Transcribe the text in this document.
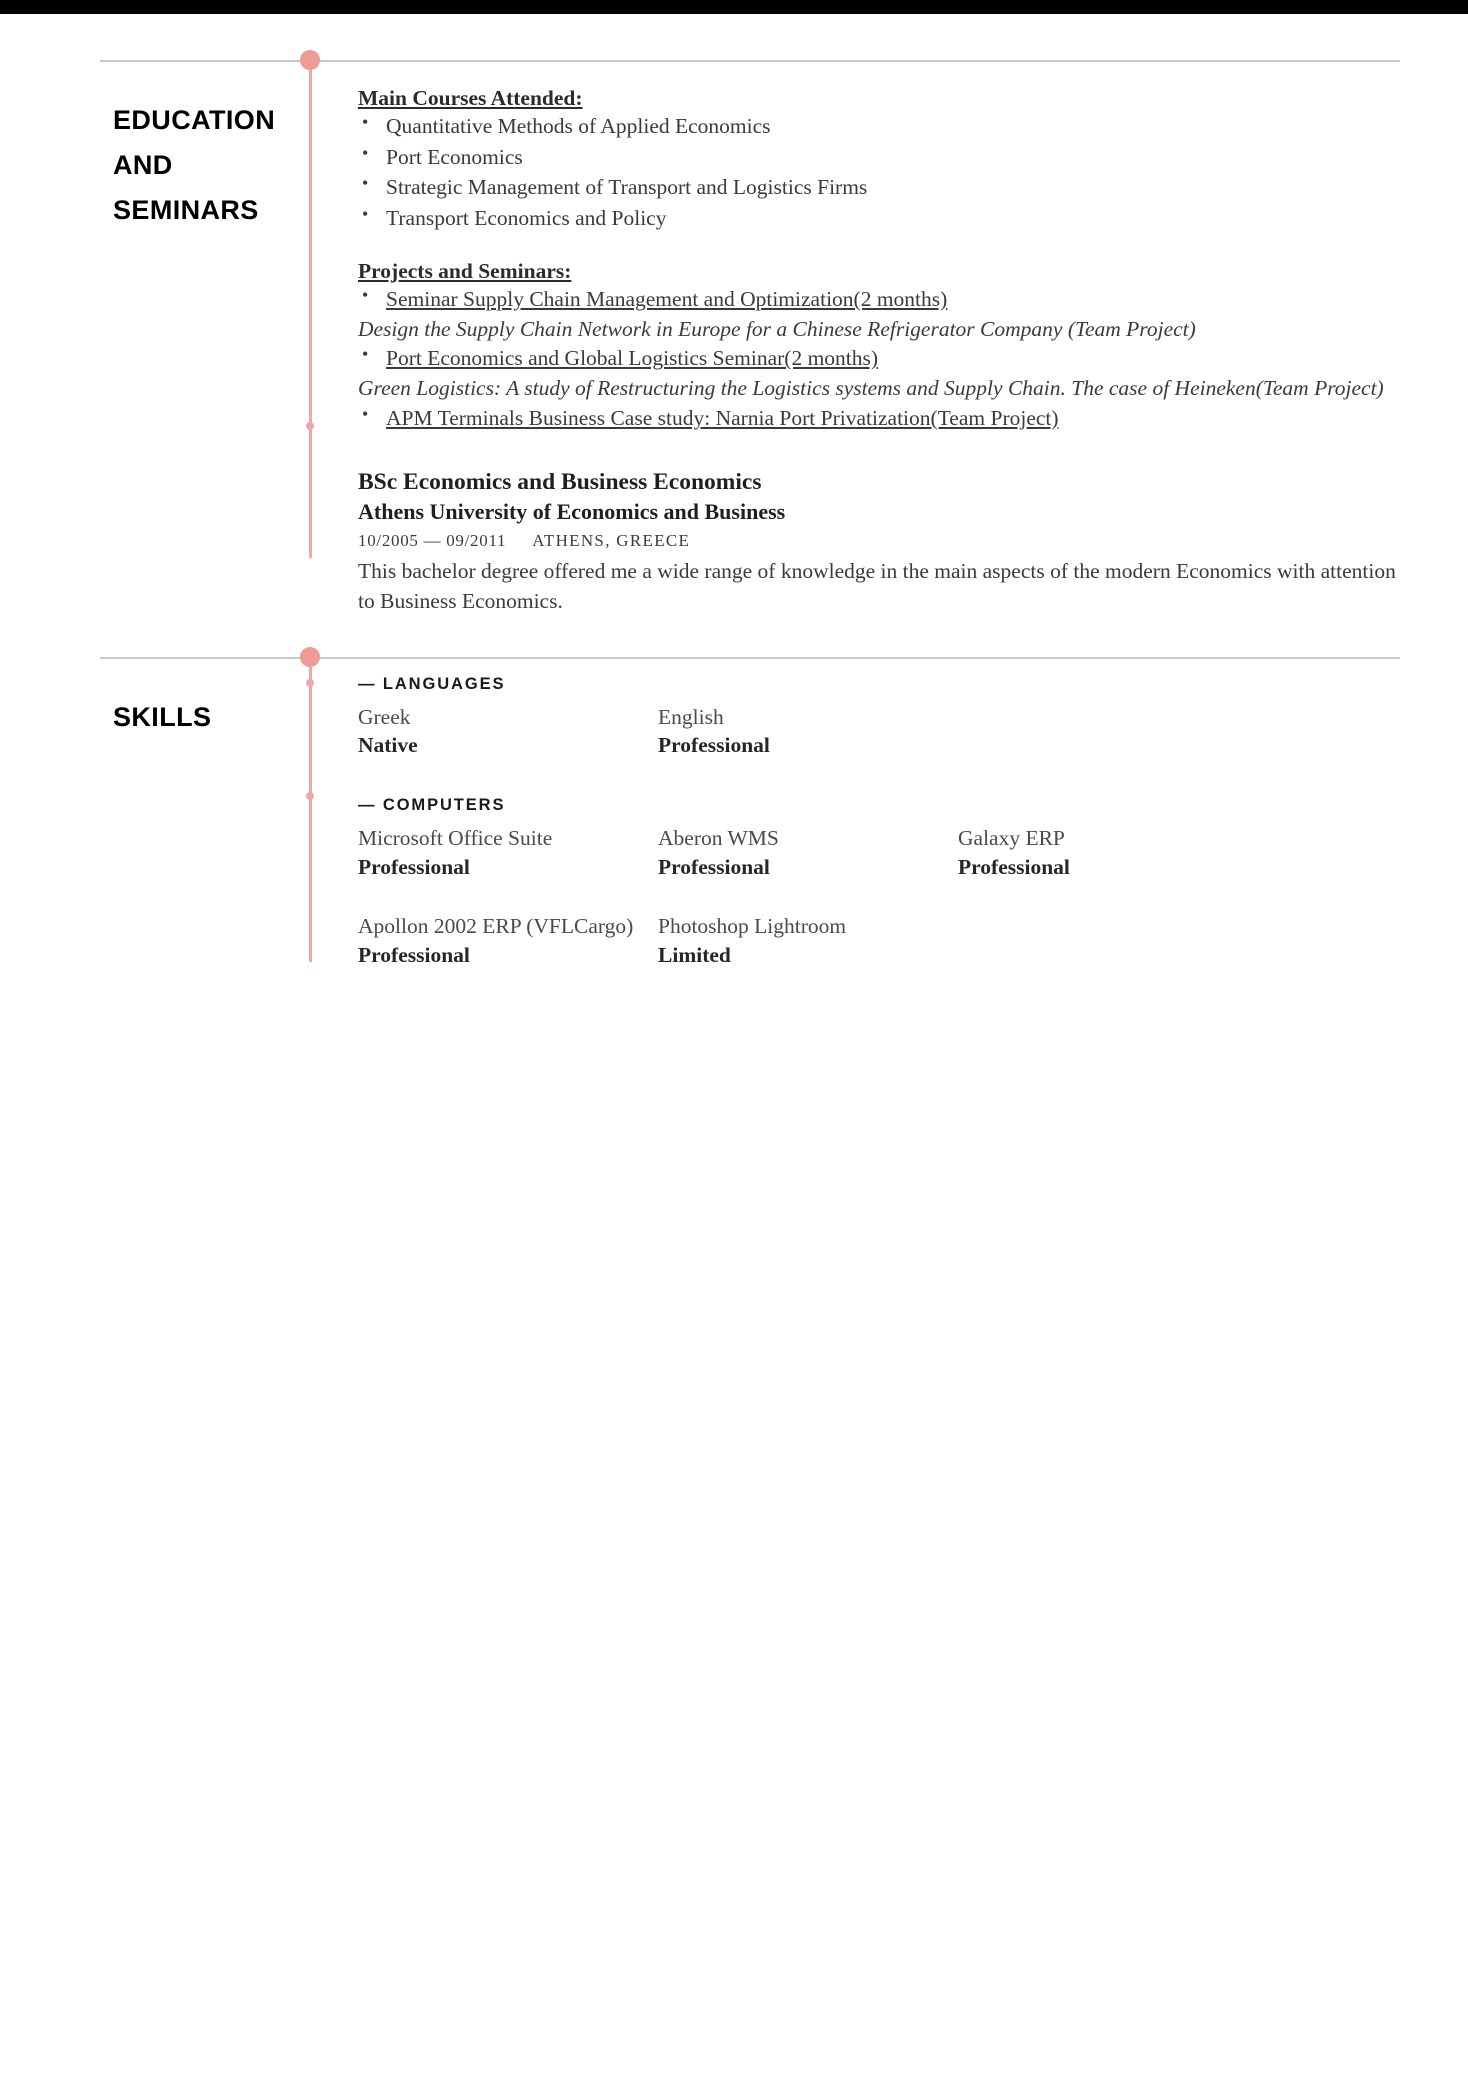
EDUCATION AND SEMINARS
Main Courses Attended:
• Quantitative Methods of Applied Economics
• Port Economics
• Strategic Management of Transport and Logistics Firms
• Transport Economics and Policy
Projects and Seminars:
• Seminar Supply Chain Management and Optimization(2 months)
Design the Supply Chain Network in Europe for a Chinese Refrigerator Company (Team Project)
• Port Economics and Global Logistics Seminar(2 months)
Green Logistics: A study of Restructuring the Logistics systems and Supply Chain. The case of Heineken(Team Project)
• APM Terminals Business Case study: Narnia Port Privatization(Team Project)
BSc Economics and Business Economics
Athens University of Economics and Business
10/2005 — 09/2011 ATHENS, GREECE
This bachelor degree offered me a wide range of knowledge in the main aspects of the modern Economics with attention to Business Economics.
SKILLS
— LANGUAGES
Greek
Native
English
Professional
— COMPUTERS
Microsoft Office Suite
Professional
Aberon WMS
Professional
Galaxy ERP
Professional
Apollon 2002 ERP (VFLCargo)
Professional
Photoshop Lightroom
Limited
